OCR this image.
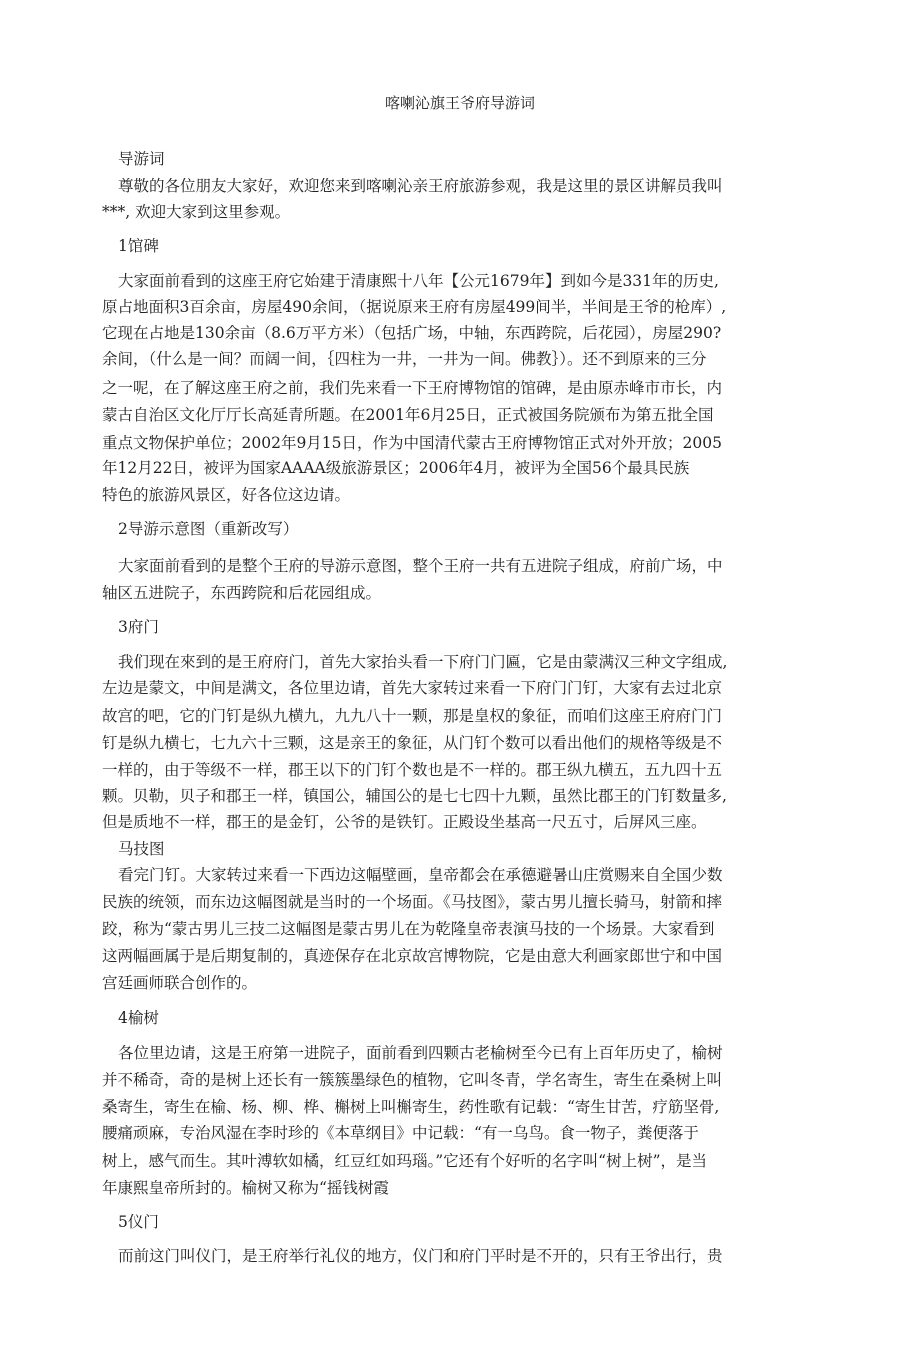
喀喇沁旗王爷府导游词
导游词
尊敬的各位朋友大家好，欢迎您来到喀喇沁亲王府旅游参观，我是这里的景区讲解员我叫
***, 欢迎大家到这里参观。
1馆碑
大家面前看到的这座王府它始建于清康熙十八年【公元1679年】到如今是331年的历史,
原占地面积3百余亩，房屋490余间，（据说原来王府有房屋499间半，半间是王爷的枪库）,
它现在占地是130余亩（8.6万平方米）（包括广场，中轴，东西跨院，后花园），房屋290?
余间，（什么是一间？而阔一间，｛四柱为一井，一井为一间。佛教｝）。还不到原来的三分
之一呢，在了解这座王府之前，我们先来看一下王府博物馆的馆碑，是由原赤峰市市长，内
蒙古自治区文化厅厅长高延青所题。在2001年6月25日，正式被国务院颁布为第五批全国
重点文物保护单位；2002年9月15日，作为中国清代蒙古王府博物馆正式对外开放；2005
年12月22日，被评为国家AAAA级旅游景区；2006年4月，被评为全国56个最具民族
特色的旅游风景区，好各位这边请。
2导游示意图（重新改写）
大家面前看到的是整个王府的导游示意图，整个王府一共有五进院子组成，府前广场，中
轴区五进院子，东西跨院和后花园组成。
3府门
我们现在來到的是王府府门，首先大家抬头看一下府门门匾，它是由蒙满汉三种文字组成,
左边是蒙文，中间是满文，各位里边请，首先大家转过来看一下府门门钉，大家有去过北京
故宫的吧，它的门钉是纵九横九，九九八十一颗，那是皇权的象征，而咱们这座王府府门门
钉是纵九横七，七九六十三颗，这是亲王的象征，从门钉个数可以看出他们的规格等级是不
一样的，由于等级不一样，郡王以下的门钉个数也是不一样的。郡王纵九横五，五九四十五
颗。贝勒，贝子和郡王一样，镇国公，辅国公的是七七四十九颗，虽然比郡王的门钉数量多,
但是质地不一样，郡王的是金钉，公爷的是铁钉。正殿设坐基高一尺五寸，后屏风三座。
马技图
看完门钉。大家转过来看一下西边这幅壁画，皇帝都会在承德避暑山庄赏赐来自全国少数
民族的统领，而东边这幅图就是当时的一个场面。《马技图》，蒙古男儿擅长骑马，射箭和摔
跤，称为“蒙古男儿三技二这幅图是蒙古男儿在为乾隆皇帝表演马技的一个场景。大家看到
这两幅画属于是后期复制的，真迹保存在北京故宫博物院，它是由意大利画家郎世宁和中国
宫廷画师联合创作的。
4榆树
各位里边请，这是王府第一进院子，面前看到四颗古老榆树至今已有上百年历史了，榆树
并不稀奇，奇的是树上还长有一簇簇墨绿色的植物，它叫冬青，学名寄生，寄生在桑树上叫
桑寄生，寄生在榆、杨、柳、桦、槲树上叫槲寄生，药性歌有记载：“寄生甘苦，疗筋坚骨,
腰痛顽麻，专治风湿在李时珍的《本草纲目》中记载：“有一乌鸟。食一物子，粪便落于
树上，感气而生。其叶溥软如橘，红豆红如玛瑙。”它还有个好听的名字叫“树上树”，是当
年康熙皇帝所封的。榆树又称为“摇钱树霞
5仪门
而前这门叫仪门，是王府举行礼仪的地方，仪门和府门平时是不开的，只有王爷出行，贵
